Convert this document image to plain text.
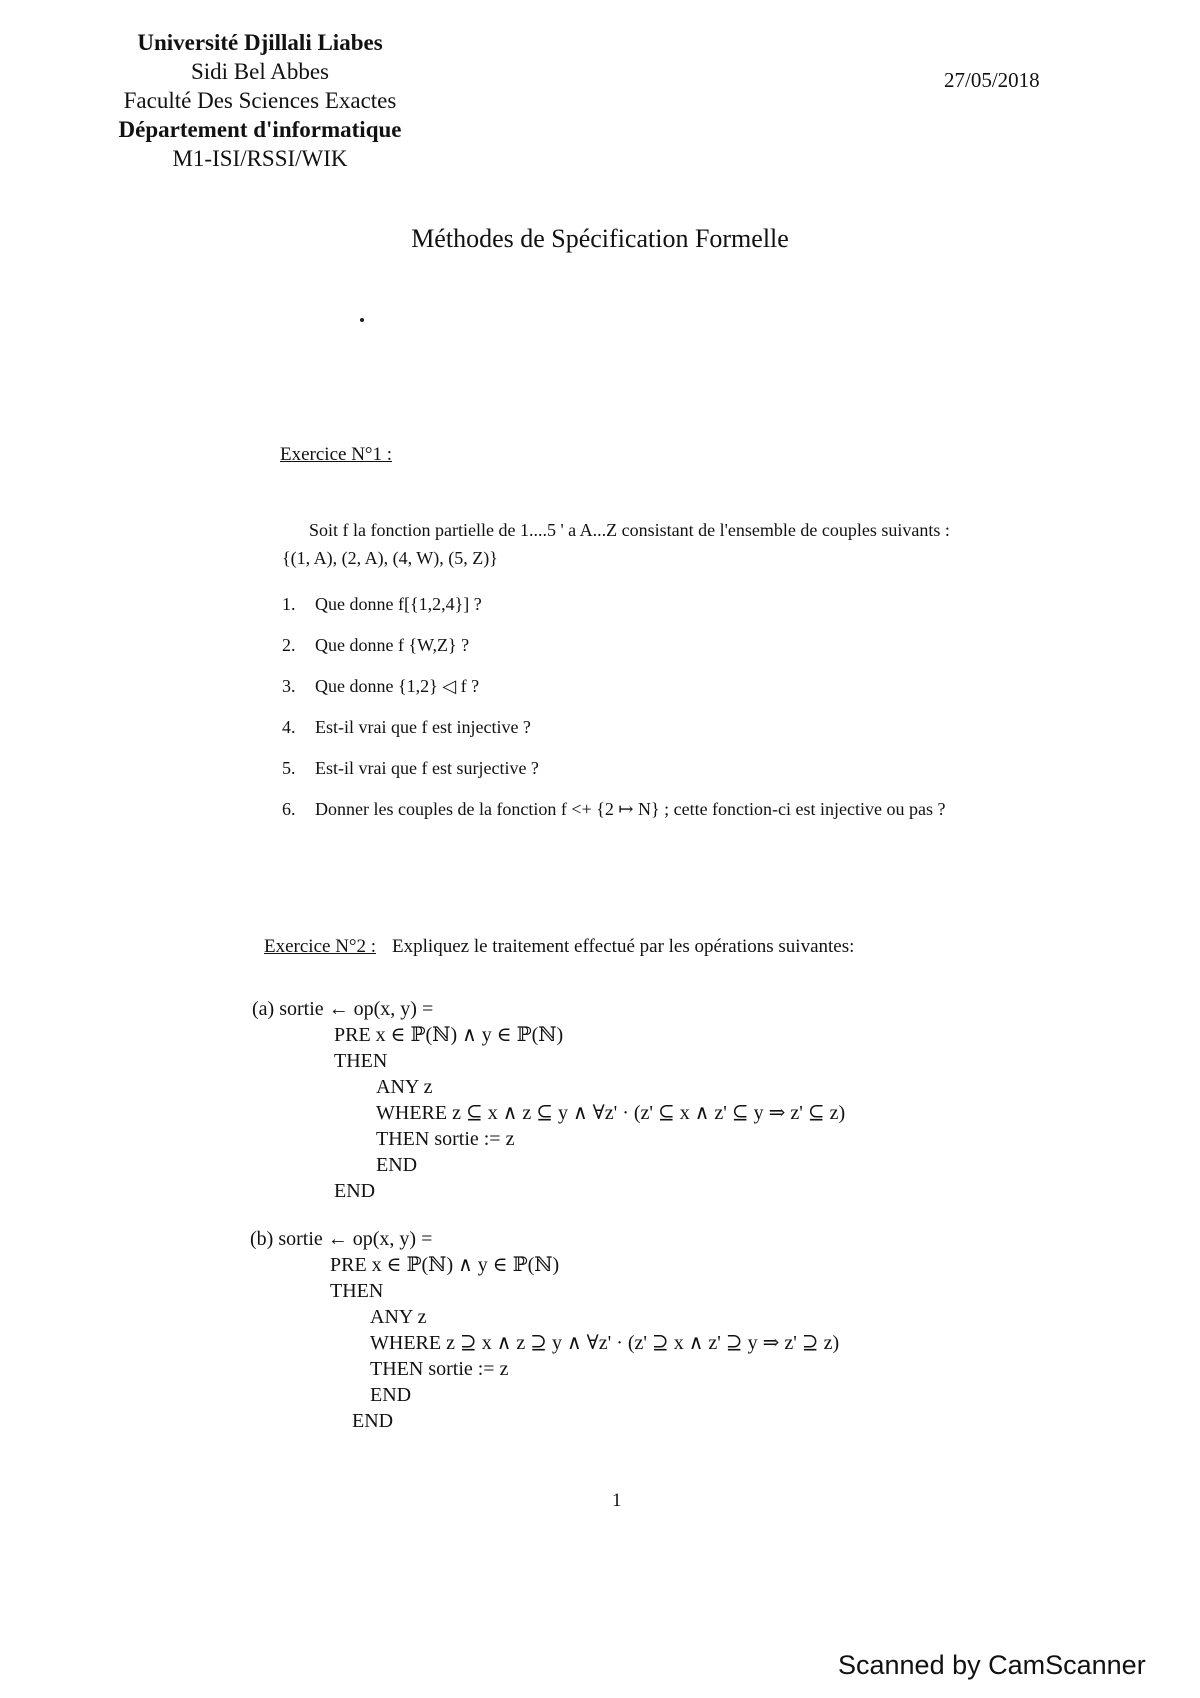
Université Djillali Liabes
Sidi Bel Abbes
Faculté Des Sciences Exactes
Département d'informatique
M1-ISI/RSSI/WIK
27/05/2018
Méthodes de Spécification Formelle
Exercice N°1 :
Soit f la fonction partielle de 1....5 ' a A...Z consistant de l'ensemble de couples suivants :
{(1, A), (2, A), (4, W), (5, Z)}
1.	Que donne f[{1,2,4}] ?
2.	Que donne f {W,Z} ?
3.	Que donne {1,2} ◁ f ?
4.	Est-il vrai que f est injective ?
5.	Est-il vrai que f est surjective ?
6.	Donner les couples de la fonction f <+ {2 ↦ N} ; cette fonction-ci est injective ou pas ?
Exercice N°2 : Expliquez le traitement effectué par les opérations suivantes:
(a) sortie ← op(x, y) =
PRE x ∈ ℙ(ℕ) ∧ y ∈ ℙ(ℕ)
THEN
ANY z
WHERE z ⊆ x ∧ z ⊆ y ∧ ∀z' · (z' ⊆ x ∧ z' ⊆ y ⇒ z' ⊆ z)
THEN sortie := z
END
END
(b) sortie ← op(x, y) =
PRE x ∈ ℙ(ℕ) ∧ y ∈ ℙ(ℕ)
THEN
ANY z
WHERE z ⊇ x ∧ z ⊇ y ∧ ∀z' · (z' ⊇ x ∧ z' ⊇ y ⇒ z' ⊇ z)
THEN sortie := z
END
END
1
Scanned by CamScanner
